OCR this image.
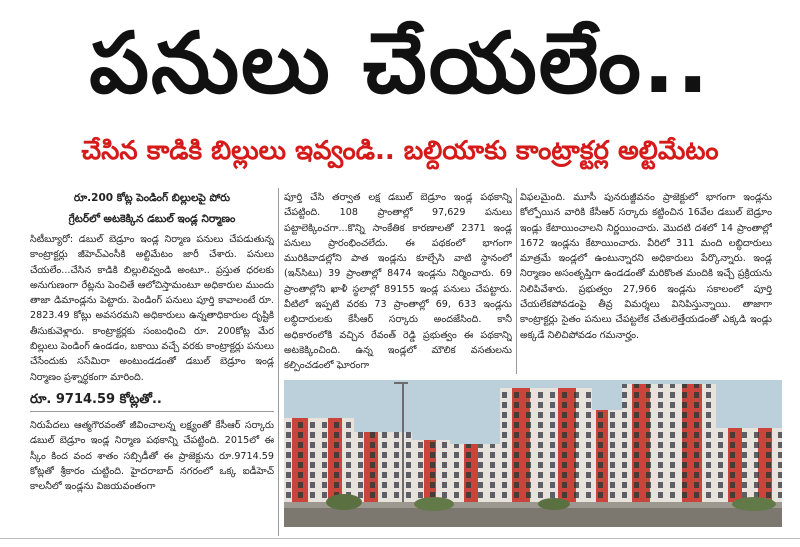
పనులు చేయలేం..
చేసిన కాడికి బిల్లులు ఇవ్వండి.. బల్దియాకు కాంట్రాక్టర్ల అల్టిమేటం
రూ.200 కోట్ల పెండింగ్ బిల్లులపై పోరు
గ్రేటర్‌లో అటకెక్కిన డబుల్ ఇండ్ల నిర్మాణం

సిటీబ్యూరో: డబుల్ బెడ్రూం ఇండ్ల నిర్మాణ పనులు చేపడుతున్న కాంట్రాక్టర్లు జీహెచ్ఎంసీకి అల్టిమేటం జారీ చేశారు. పనులు చేయలేం...చేసిన కాడికి బిల్లులివ్వండి అంటూ.. ప్రస్తుత ధరలకు అనుగుణంగా రేట్లను పెంచితే ఆలోచిస్తామంటూ అధికారుల ముందు తాజా డిమాండ్లను పెట్టారు. పెండింగ్ పనులు పూర్తి కావాలంటే రూ. 2823.49 కోట్లు అవసరమని అధికారులు ఉన్నతాధికారుల దృష్టికి తీసుకువెళ్లారు. కాంట్రాక్టర్లకు సంబంధించి రూ. 200కోట్ల మేర బిల్లులు పెండింగ్ ఉండడం, బకాయి వచ్చే వరకు కాంట్రాక్టర్లు పనులు చేసేందుకు ససేమిరా అంటుండడంతో డబుల్ బెడ్రూం ఇండ్ల నిర్మాణం ప్రశ్నార్థకంగా మారింది.

రూ. 9714.59 కోట్లతో..

నిరుపేదలు ఆత్మగౌరవంతో జీవించాలన్న లక్ష్యంతో కేసీఆర్ సర్కారు డబుల్ బెడ్రూం ఇండ్ల నిర్మాణ పథకాన్ని చేపట్టింది. 2015లో ఈ స్కీం కింద వంద శాతం సబ్సిడీతో ఈ ప్రాజెక్టును రూ.9714.59 కోట్లతో శ్రీకారం చుట్టింది. హైదరాబాద్ నగరంలో ఒక్క ఐడీహెచ్ కాలనీలో ఇండ్లను విజయవంతంగా

పూర్తి చేసి తర్వాత లక్ష డబుల్ బెడ్రూం ఇండ్ల పథకాన్ని చేపట్టింది. 108 ప్రాంతాల్లో 97,629 పనులు పట్టాలెక్కించగా...కొన్ని సాంకేతిక కారణాలతో 2371 ఇండ్ల పనులు ప్రారంభించలేదు. ఈ పథకంలో భాగంగా మురికివాడల్లోని పాత ఇండ్లను కూల్చేసి వాటి స్థానంలో (ఇన్‌సిటు) 39 ప్రాంతాల్లో 8474 ఇండ్లను నిర్మించారు. 69 ప్రాంతాల్లోని ఖాళీ స్థలాల్లో 89155 ఇండ్ల పనులు చేపట్టారు. వీటిలో ఇప్పటి వరకు 73 ప్రాంతాల్లో 69, 633 ఇండ్లను లబ్ధిదారులకు కేసీఆర్ సర్కారు అందజేసింది. కానీ అధికారంలోకి వచ్చిన రేవంత్ రెడ్డి ప్రభుత్వం ఈ పథకాన్ని అటకెక్కించింది. ఉన్న ఇండ్లలో మౌలిక వసతులను కల్పించడంలో ఘోరంగా

విఫలమైంది. మూసీ పునరుజ్జీవనం ప్రాజెక్టులో భాగంగా ఇండ్లను కోల్పోయిన వారికి కేసీఆర్ సర్కారు కట్టించిన 16వేల డబుల్ బెడ్రూం ఇండ్లు కేటాయించాలని నిర్ణయించారు. మొదటి దశలో 14 ప్రాంతాల్లో 1672 ఇండ్లను కేటాయించారు. వీరిలో 311 మంది లబ్ధిదారులు మాత్రమే ఇండ్లలో ఉంటున్నారని అధికారులు పేర్కొన్నారు. ఇండ్ల నిర్మాణం అసంతృప్తిగా ఉండడంతో మరికొంత మందికి ఇచ్చే ప్రక్రియను నిలిపివేశారు. ప్రభుత్వం 27,966 ఇండ్లను సకాలంలో పూర్తి చేయలేకపోవడంపై తీవ్ర విమర్శలు వినిపిస్తున్నాయి. తాజాగా కాంట్రాక్టర్లు సైతం పనులు చేపట్టలేక చేతులెత్తేయడంతో ఎక్కడి ఇండ్లు అక్కడే నిలిచిపోవడం గమనార్హం.
